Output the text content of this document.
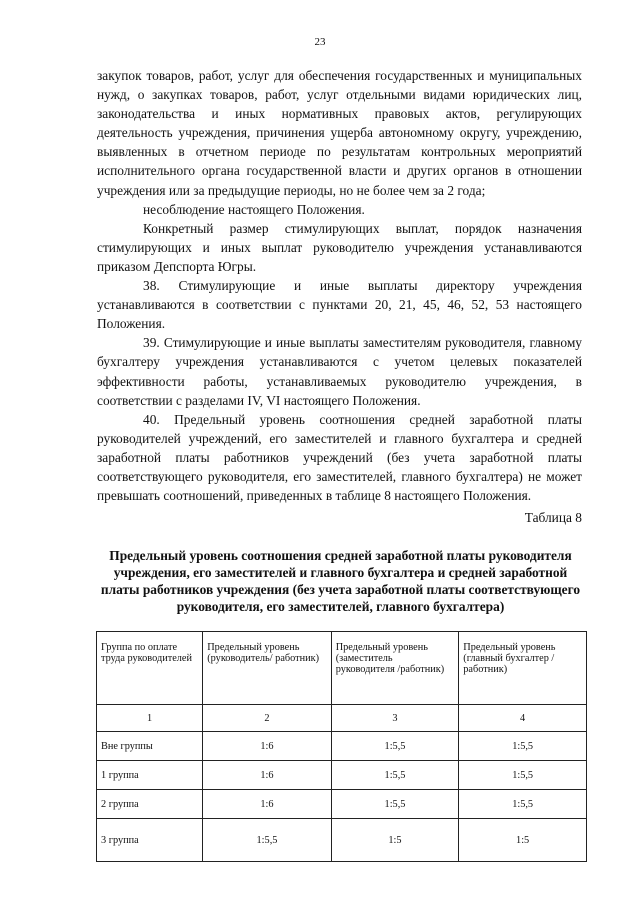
23

закупок товаров, работ, услуг для обеспечения государственных и муниципальных нужд, о закупках товаров, работ, услуг отдельными видами юридических лиц, законодательства и иных нормативных правовых актов, регулирующих деятельность учреждения, причинения ущерба автономному округу, учреждению, выявленных в отчетном периоде по результатам контрольных мероприятий исполнительного органа государственной власти и других органов в отношении учреждения или за предыдущие периоды, но не более чем за 2 года;

несоблюдение настоящего Положения.

Конкретный размер стимулирующих выплат, порядок назначения стимулирующих и иных выплат руководителю учреждения устанавливаются приказом Депспорта Югры.

38. Стимулирующие и иные выплаты директору учреждения устанавливаются в соответствии с пунктами 20, 21, 45, 46, 52, 53 настоящего Положения.

39. Стимулирующие и иные выплаты заместителям руководителя, главному бухгалтеру учреждения устанавливаются с учетом целевых показателей эффективности работы, устанавливаемых руководителю учреждения, в соответствии с разделами IV, VI настоящего Положения.

40. Предельный уровень соотношения средней заработной платы руководителей учреждений, его заместителей и главного бухгалтера и средней заработной платы работников учреждений (без учета заработной платы соответствующего руководителя, его заместителей, главного бухгалтера) не может превышать соотношений, приведенных в таблице 8 настоящего Положения.

Таблица 8
Предельный уровень соотношения средней заработной платы руководителя учреждения, его заместителей и главного бухгалтера и средней заработной платы работников учреждения (без учета заработной платы соответствующего руководителя, его заместителей, главного бухгалтера)
Группа по оплате труда руководителей	Предельный уровень (руководитель/ работник)	Предельный уровень (заместитель руководителя /работник)	Предельный уровень (главный бухгалтер /работник)
1	2	3	4
Вне группы	1:6	1:5,5	1:5,5
1 группа	1:6	1:5,5	1:5,5
2 группа	1:6	1:5,5	1:5,5
3 группа	1:5,5	1:5	1:5
